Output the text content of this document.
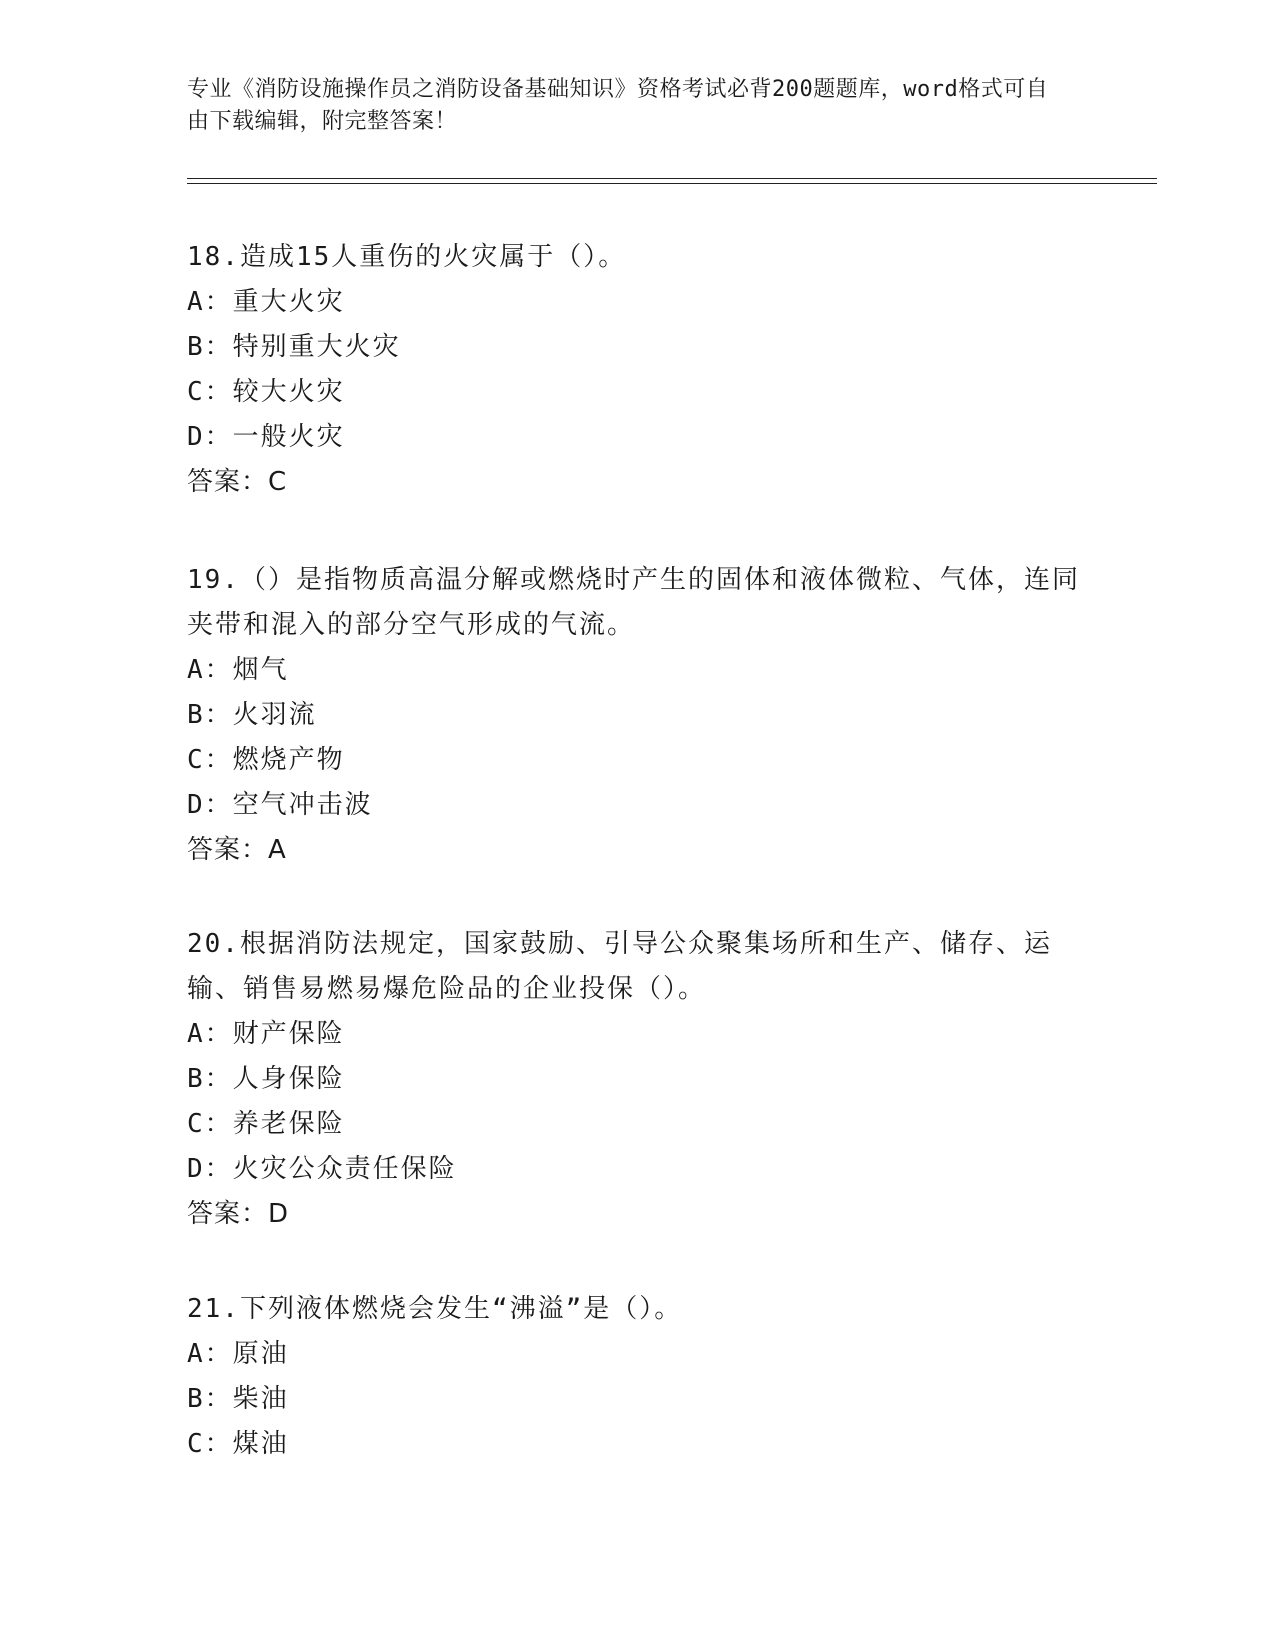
专业《消防设施操作员之消防设备基础知识》资格考试必背200题题库，word格式可自由下载编辑，附完整答案！

18.造成15人重伤的火灾属于（）。

A：重大火灾

B：特别重大火灾

C：较大火灾

D：一般火灾

答案：C

19.（）是指物质高温分解或燃烧时产生的固体和液体微粒、气体，连同夹带和混入的部分空气形成的气流。

A：烟气

B：火羽流

C：燃烧产物

D：空气冲击波

答案：A

20.根据消防法规定，国家鼓励、引导公众聚集场所和生产、储存、运输、销售易燃易爆危险品的企业投保（）。

A：财产保险

B：人身保险

C：养老保险

D：火灾公众责任保险

答案：D

21.下列液体燃烧会发生“沸溢”是（）。

A：原油

B：柴油

C：煤油
